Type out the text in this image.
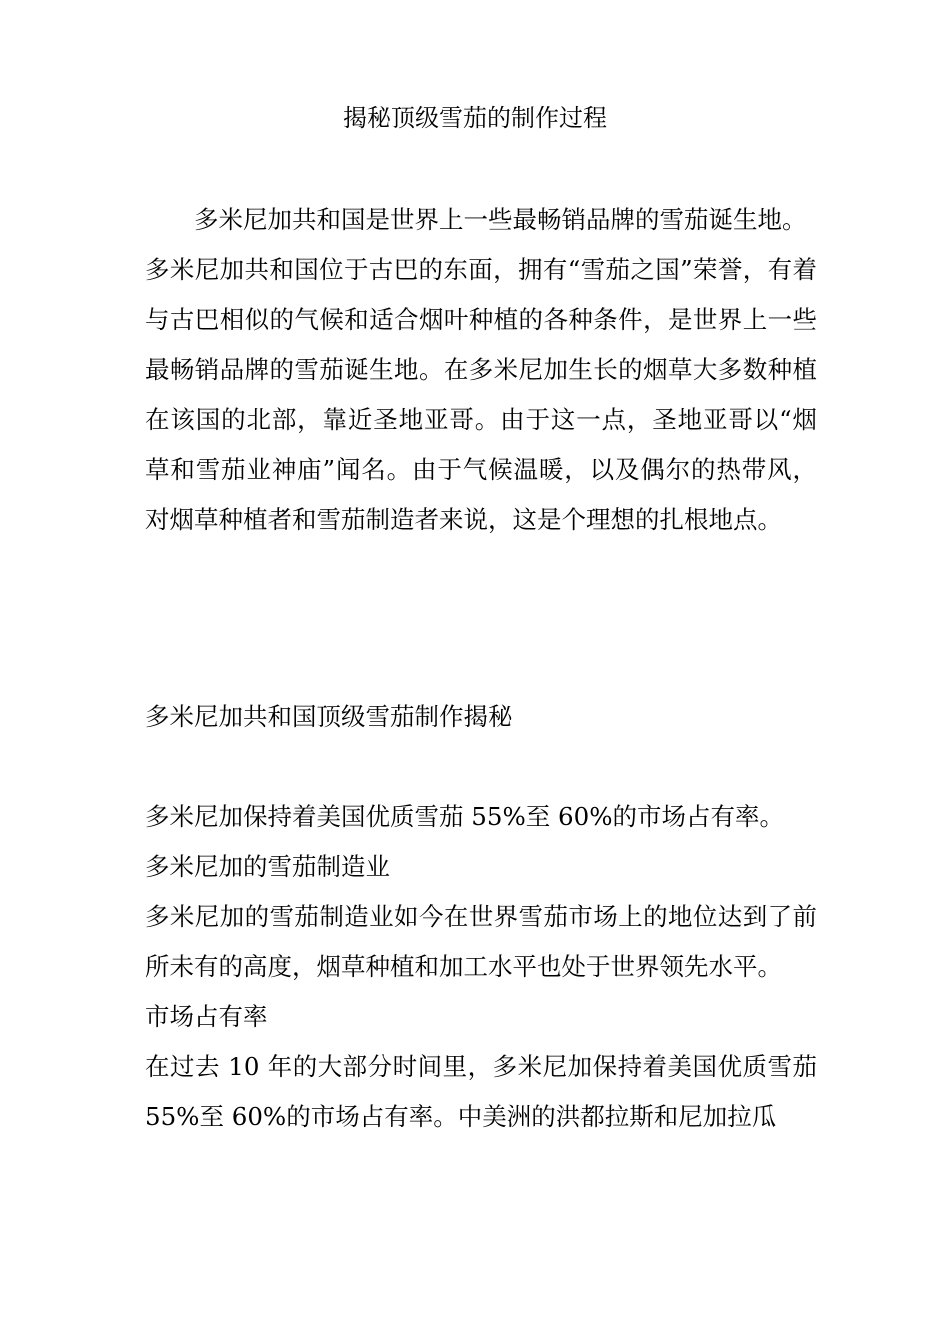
揭秘顶级雪茄的制作过程

多米尼加共和国是世界上一些最畅销品牌的雪茄诞生地。

多米尼加共和国位于古巴的东面，拥有“雪茄之国”荣誉，有着与古巴相似的气候和适合烟叶种植的各种条件，是世界上一些最畅销品牌的雪茄诞生地。在多米尼加生长的烟草大多数种植在该国的北部，靠近圣地亚哥。由于这一点，圣地亚哥以“烟草和雪茄业神庙”闻名。由于气候温暖，以及偶尔的热带风，对烟草种植者和雪茄制造者来说，这是个理想的扎根地点。

多米尼加共和国顶级雪茄制作揭秘

多米尼加保持着美国优质雪茄 55%至 60%的市场占有率。

多米尼加的雪茄制造业

多米尼加的雪茄制造业如今在世界雪茄市场上的地位达到了前所未有的高度，烟草种植和加工水平也处于世界领先水平。

市场占有率

在过去 10 年的大部分时间里，多米尼加保持着美国优质雪茄 55%至 60%的市场占有率。中美洲的洪都拉斯和尼加拉瓜
